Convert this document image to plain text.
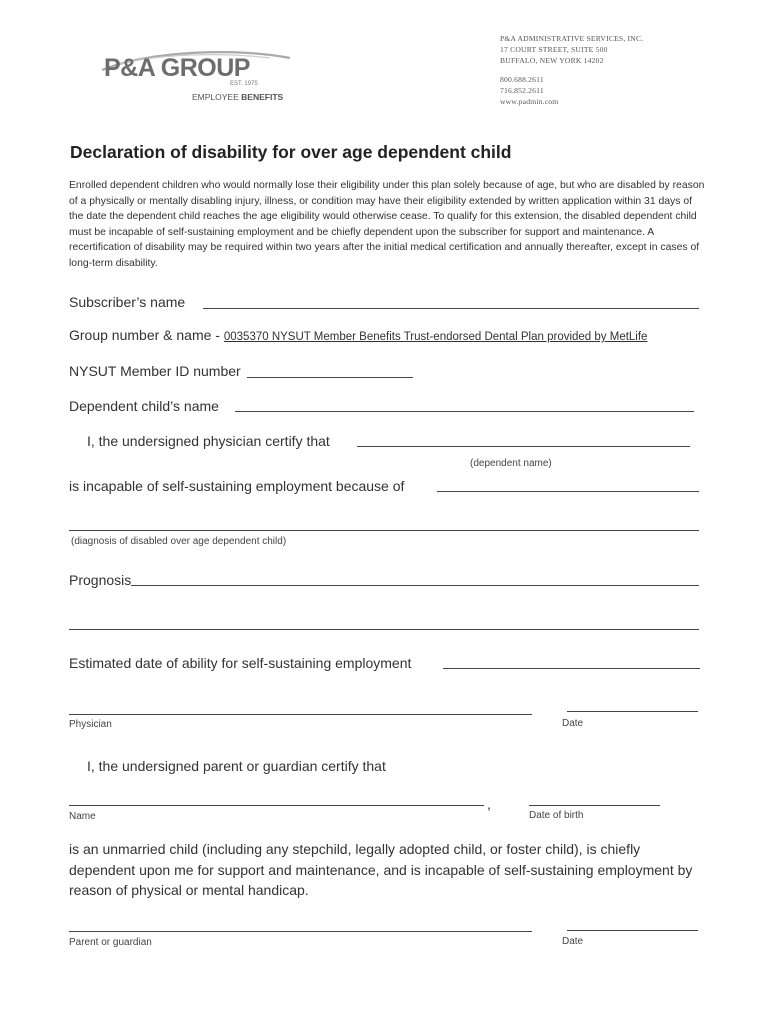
P&A GROUP
EST. 1975
EMPLOYEE BENEFITS
P&A ADMINISTRATIVE SERVICES, INC.
17 COURT STREET, SUITE 500
BUFFALO, NEW YORK 14202
800.688.2611
716.852.2611
www.padmin.com
Declaration of disability for over age dependent child
Enrolled dependent children who would normally lose their eligibility under this plan solely because of age, but who are disabled by reason of a physically or mentally disabling injury, illness, or condition may have their eligibility extended by written application within 31 days of the date the dependent child reaches the age eligibility would otherwise cease. To qualify for this extension, the disabled dependent child must be incapable of self-sustaining employment and be chiefly dependent upon the subscriber for support and maintenance. A recertification of disability may be required within two years after the initial medical certification and annually thereafter, except in cases of long-term disability.
Subscriber’s name
Group number & name - 0035370 NYSUT Member Benefits Trust-endorsed Dental Plan provided by MetLife
NYSUT Member ID number
Dependent child’s name
I, the undersigned physician certify that
(dependent name)
is incapable of self-sustaining employment because of
(diagnosis of disabled over age dependent child)
Prognosis
Estimated date of ability for self-sustaining employment
Physician	Date
I, the undersigned parent or guardian certify that
,
Name	Date of birth
is an unmarried child (including any stepchild, legally adopted child, or foster child), is chiefly dependent upon me for support and maintenance, and is incapable of self-sustaining employment by reason of physical or mental handicap.
Parent or guardian	Date
